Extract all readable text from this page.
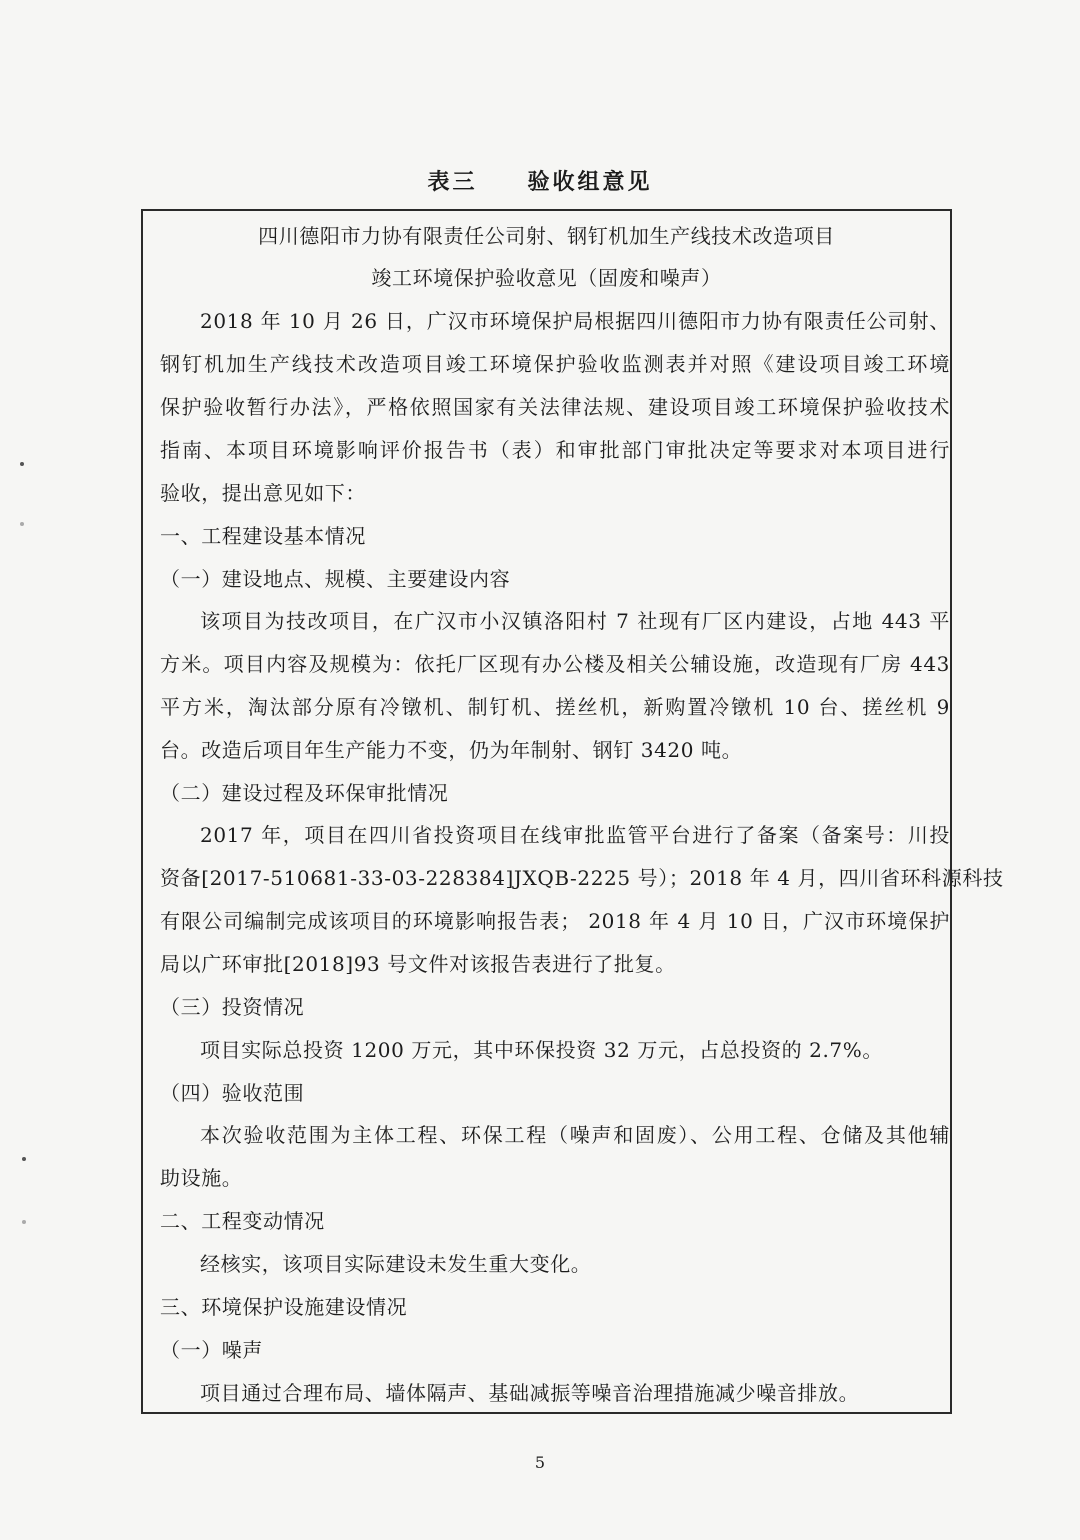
表三　　验收组意见
四川德阳市力协有限责任公司射、钢钉机加生产线技术改造项目
竣工环境保护验收意见（固废和噪声）
2018 年 10 月 26 日，广汉市环境保护局根据四川德阳市力协有限责任公司射、
钢钉机加生产线技术改造项目竣工环境保护验收监测表并对照《建设项目竣工环境
保护验收暂行办法》，严格依照国家有关法律法规、建设项目竣工环境保护验收技术
指南、本项目环境影响评价报告书（表）和审批部门审批决定等要求对本项目进行
验收，提出意见如下：
一、工程建设基本情况
（一）建设地点、规模、主要建设内容
该项目为技改项目，在广汉市小汉镇洛阳村 7 社现有厂区内建设，占地 443 平
方米。项目内容及规模为：依托厂区现有办公楼及相关公辅设施，改造现有厂房 443
平方米，淘汰部分原有冷镦机、制钉机、搓丝机，新购置冷镦机 10 台、搓丝机 9
台。改造后项目年生产能力不变，仍为年制射、钢钉 3420 吨。
（二）建设过程及环保审批情况
2017 年，项目在四川省投资项目在线审批监管平台进行了备案（备案号：川投
资备[2017-510681-33-03-228384]JXQB-2225 号）；2018 年 4 月，四川省环科源科技
有限公司编制完成该项目的环境影响报告表； 2018 年 4 月 10 日，广汉市环境保护
局以广环审批[2018]93 号文件对该报告表进行了批复。
（三）投资情况
项目实际总投资 1200 万元，其中环保投资 32 万元，占总投资的 2.7%。
（四）验收范围
本次验收范围为主体工程、环保工程（噪声和固废）、公用工程、仓储及其他辅
助设施。
二、工程变动情况
经核实，该项目实际建设未发生重大变化。
三、环境保护设施建设情况
（一）噪声
项目通过合理布局、墙体隔声、基础减振等噪音治理措施减少噪音排放。
5
